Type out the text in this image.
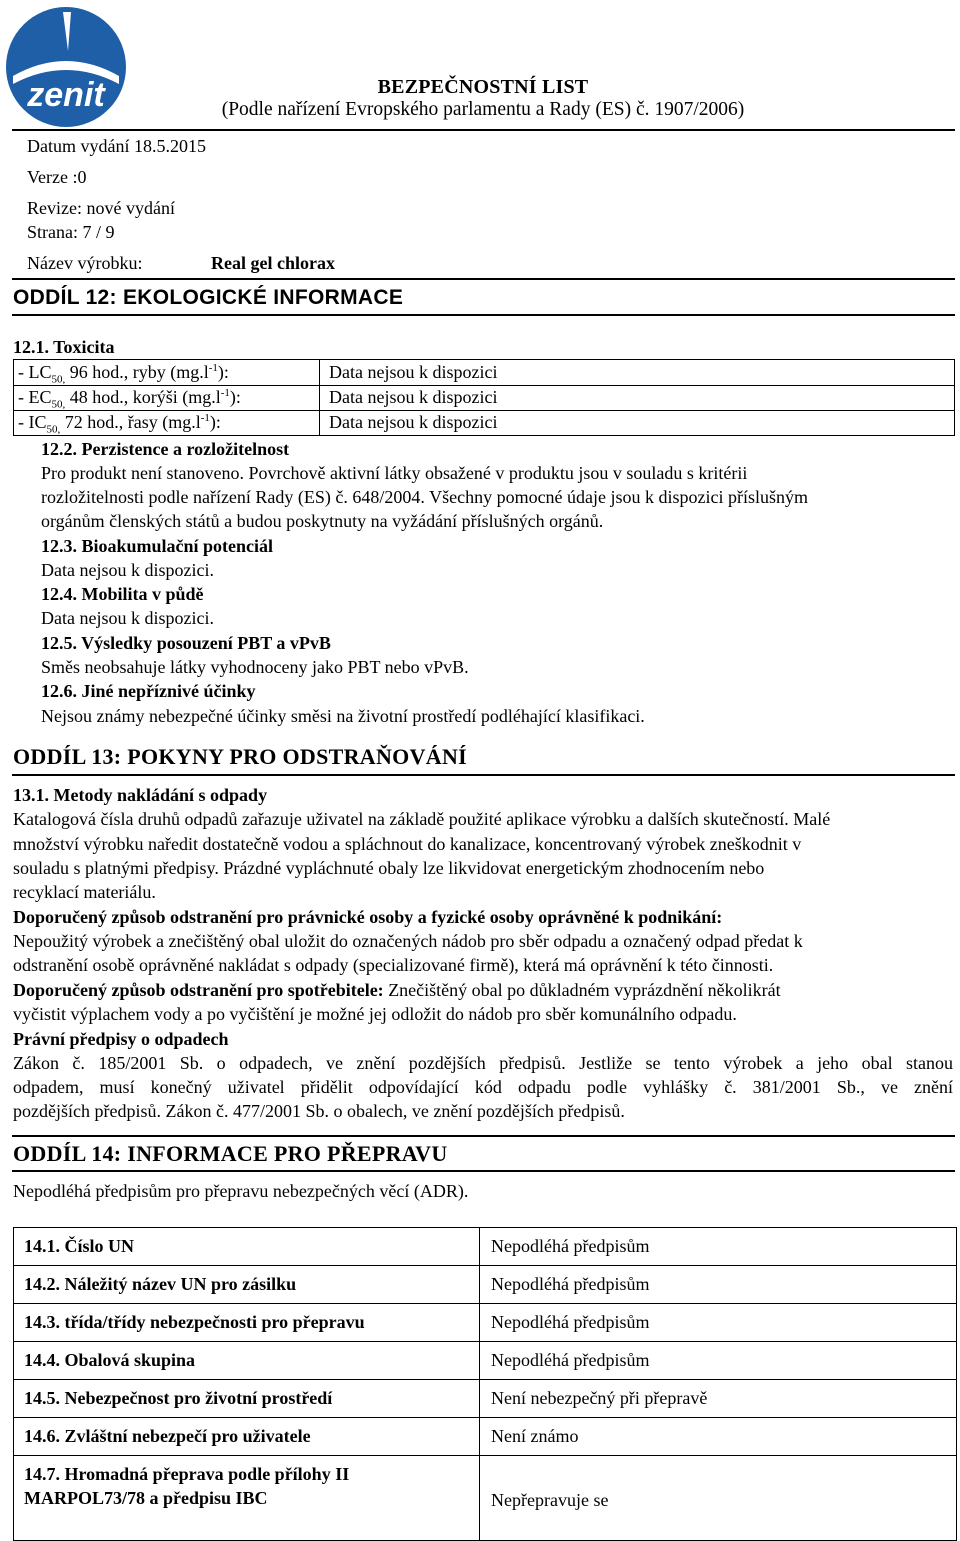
zenit	BEZPEČNOSTNÍ LIST
(Podle nařízení Evropského parlamentu a Rady (ES) č. 1907/2006)
Datum vydání 18.5.2015
Verze :0
Revize: nové vydání
Strana: 7 / 9
Název výrobku:	Real gel chlorax
ODDÍL 12: EKOLOGICKÉ INFORMACE
12.1. Toxicita
- $LC_{50,}$ 96 hod., ryby $(mg.l^{-1})$:	Data nejsou k dispozici
- $EC_{50,}$ 48 hod., korýši $(mg.l^{-1})$:	Data nejsou k dispozici
- $IC_{50,}$ 72 hod., řasy $(mg.l^{-1})$:	Data nejsou k dispozici
12.2. Perzistence a rozložitelnost
Pro produkt není stanoveno. Povrchově aktivní látky obsažené v produktu jsou v souladu s kritérii
rozložitelnosti podle nařízení Rady (ES) č. 648/2004. Všechny pomocné údaje jsou k dispozici příslušným
orgánům členských států a budou poskytnuty na vyžádání příslušných orgánů.
12.3. Bioakumulační potenciál
Data nejsou k dispozici.
12.4. Mobilita v půdě
Data nejsou k dispozici.
12.5. Výsledky posouzení PBT a vPvB
Směs neobsahuje látky vyhodnoceny jako PBT nebo vPvB.
12.6. Jiné nepříznivé účinky
Nejsou známy nebezpečné účinky směsi na životní prostředí podléhající klasifikaci.
ODDÍL 13: POKYNY PRO ODSTRAŇOVÁNÍ
13.1. Metody nakládání s odpady
Katalogová čísla druhů odpadů zařazuje uživatel na základě použité aplikace výrobku a dalších skutečností. Malé
množství výrobku naředit dostatečně vodou a spláchnout do kanalizace, koncentrovaný výrobek zneškodnit v
souladu s platnými předpisy. Prázdné vypláchnuté obaly lze likvidovat energetickým zhodnocením nebo
recyklací materiálu.
Doporučený způsob odstranění pro právnické osoby a fyzické osoby oprávněné k podnikání:
Nepoužitý výrobek a znečištěný obal uložit do označených nádob pro sběr odpadu a označený odpad předat k
odstranění osobě oprávněné nakládat s odpady (specializované firmě), která má oprávnění k této činnosti.
Doporučený způsob odstranění pro spotřebitele: Znečištěný obal po důkladném vyprázdnění několikrát
vyčistit výplachem vody a po vyčištění je možné jej odložit do nádob pro sběr komunálního odpadu.
Právní předpisy o odpadech
Zákon č. 185/2001 Sb. o odpadech, ve znění pozdějších předpisů. Jestliže se tento výrobek a jeho obal stanou
odpadem, musí konečný uživatel přidělit odpovídající kód odpadu podle vyhlášky č. 381/2001 Sb., ve znění
pozdějších předpisů. Zákon č. 477/2001 Sb. o obalech, ve znění pozdějších předpisů.
ODDÍL 14: INFORMACE PRO PŘEPRAVU
Nepodléhá předpisům pro přepravu nebezpečných věcí (ADR).
14.1. Číslo UN	Nepodléhá předpisům
14.2. Náležitý název UN pro zásilku	Nepodléhá předpisům
14.3. třída/třídy nebezpečnosti pro přepravu	Nepodléhá předpisům
14.4. Obalová skupina	Nepodléhá předpisům
14.5. Nebezpečnost pro životní prostředí	Není nebezpečný při přepravě
14.6. Zvláštní nebezpečí pro uživatele	Není známo
14.7. Hromadná přeprava podle přílohy II MARPOL73/78 a předpisu IBC	Nepřepravuje se
